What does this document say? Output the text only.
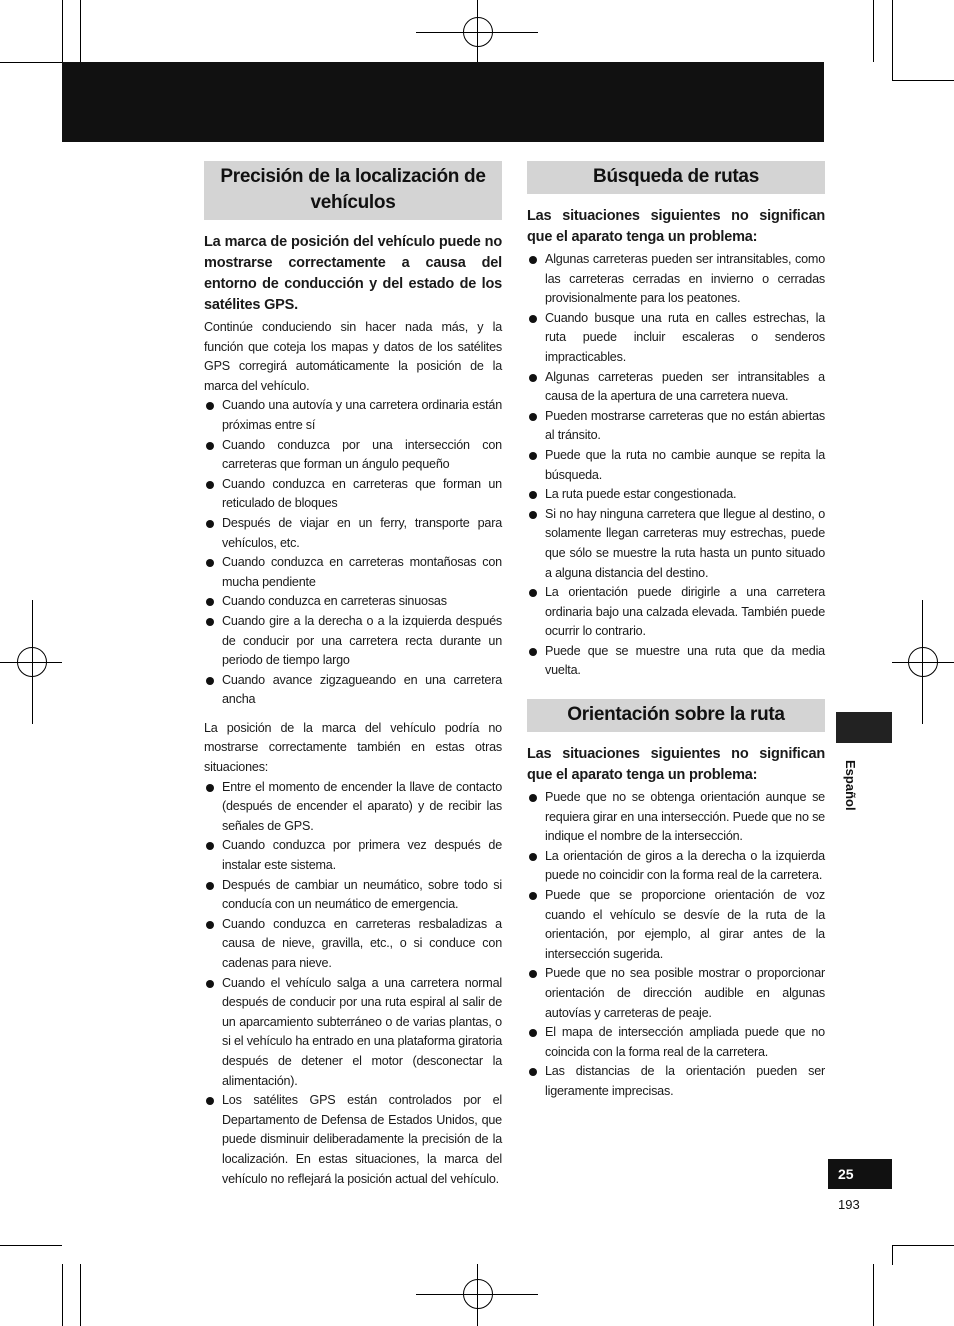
Precisión de la localización de vehículos

La marca de posición del vehículo puede no mostrarse correctamente a causa del entorno de conducción y del estado de los satélites GPS.

Continúe conduciendo sin hacer nada más, y la función que coteja los mapas y datos de los satélites GPS corregirá automáticamente la posición de la marca del vehículo.

Cuando una autovía y una carretera ordinaria están próximas entre sí
Cuando conduzca por una intersección con carreteras que forman un ángulo pequeño
Cuando conduzca en carreteras que forman un reticulado de bloques
Después de viajar en un ferry, transporte para vehículos, etc.
Cuando conduzca en carreteras montañosas con mucha pendiente
Cuando conduzca en carreteras sinuosas
Cuando gire a la derecha o a la izquierda después de conducir por una carretera recta durante un periodo de tiempo largo
Cuando avance zigzagueando en una carretera ancha

La posición de la marca del vehículo podría no mostrarse correctamente también en estas otras situaciones:

Entre el momento de encender la llave de contacto (después de encender el aparato) y de recibir las señales de GPS.
Cuando conduzca por primera vez después de instalar este sistema.
Después de cambiar un neumático, sobre todo si conducía con un neumático de emergencia.
Cuando conduzca en carreteras resbaladizas a causa de nieve, gravilla, etc., o si conduce con cadenas para nieve.
Cuando el vehículo salga a una carretera normal después de conducir por una ruta espiral al salir de un aparcamiento subterráneo o de varias plantas, o si el vehículo ha entrado en una plataforma giratoria después de detener el motor (desconectar la alimentación).
Los satélites GPS están controlados por el Departamento de Defensa de Estados Unidos, que puede disminuir deliberadamente la precisión de la localización. En estas situaciones, la marca del vehículo no reflejará la posición actual del vehículo.
Búsqueda de rutas

Las situaciones siguientes no significan que el aparato tenga un problema:

Algunas carreteras pueden ser intransitables, como las carreteras cerradas en invierno o cerradas provisionalmente para los peatones.
Cuando busque una ruta en calles estrechas, la ruta puede incluir escaleras o senderos impracticables.
Algunas carreteras pueden ser intransitables a causa de la apertura de una carretera nueva.
Pueden mostrarse carreteras que no están abiertas al tránsito.
Puede que la ruta no cambie aunque se repita la búsqueda.
La ruta puede estar congestionada.
Si no hay ninguna carretera que llegue al destino, o solamente llegan carreteras muy estrechas, puede que sólo se muestre la ruta hasta un punto situado a alguna distancia del destino.
La orientación puede dirigirle a una carretera ordinaria bajo una calzada elevada. También puede ocurrir lo contrario.
Puede que se muestre una ruta que da media vuelta.
Orientación sobre la ruta

Las situaciones siguientes no significan que el aparato tenga un problema:

Puede que no se obtenga orientación aunque se requiera girar en una intersección. Puede que no se indique el nombre de la intersección.
La orientación de giros a la derecha o la izquierda puede no coincidir con la forma real de la carretera.
Puede que se proporcione orientación de voz cuando el vehículo se desvíe de la ruta de la orientación, por ejemplo, al girar antes de la intersección sugerida.
Puede que no sea posible mostrar o proporcionar orientación de dirección audible en algunas autovías y carreteras de peaje.
El mapa de intersección ampliada puede que no coincida con la forma real de la carretera.
Las distancias de la orientación pueden ser ligeramente imprecisas.
Español
25
193
